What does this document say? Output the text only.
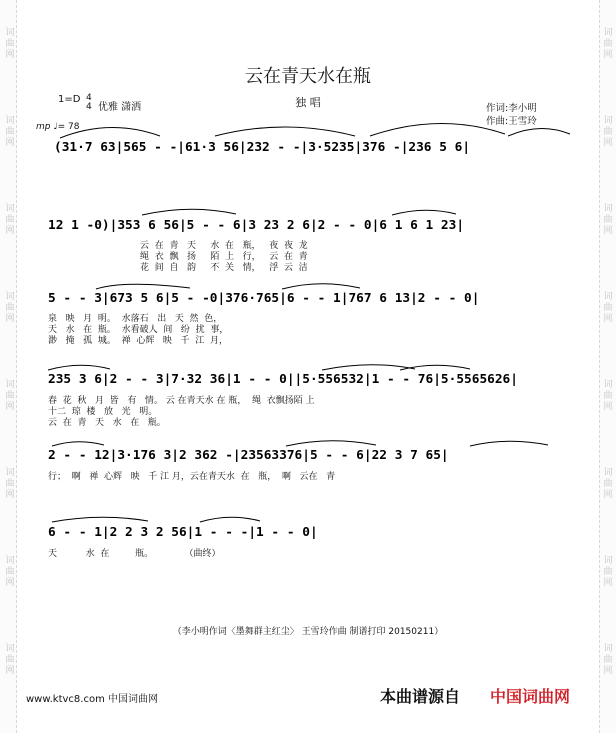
词
曲
网
词
曲
网
词
曲
网
词
曲
网
词
曲
网
词
曲
网
词
曲
网
词
曲
网
词
曲
网
词
曲
网
词
曲
网
词
曲
网
词
曲
网
词
曲
网
词
曲
网
词
曲
网
云在青天水在瓶
独 唱
1=D 4
4 优雅 潇洒
mp ♩= 78
作词:李小明
作曲:王雪玲
(31·7 63|565 - -|61·3 56|232 - -|3·5235|376 -|236 5 6|
12 1 -0)|353 6 56|5 - - 6|3 23 2 6|2 - - 0|6 1 6 1 23|
云  在  青   天     水  在   瓶，   夜  夜  龙
绳  衣  飘   扬     陌  上   行，   云  在  青
花  间  自   韵     不  关   情，   浮  云  洁
5 - - 3|673 5 6|5 - -0|376·765|6 - - 1|767 6 13|2 - - 0|
泉   映   月  明。  水落石   出   天  然  色，
天   水   在  瓶。  水看破人  间   纷  扰  事，
渺   掩   孤  城。  禅  心辉   映   千  江  月，
235 3 6|2 - - 3|7·32 36|1 - - 0||5·556532|1 - - 76|5·5565626|
春  花  秋   月  皆   有   情。 云 在青天水 在 瓶，  绳  衣飘扬陌 上
十二  琼  楼   放   光   明。
云  在  青   天   水   在   瓶。
2 - - 12|3·176 3|2 362 -|23563376|5 - - 6|22 3 7 65|
行；  啊   禅  心辉   映   千 江 月，云在青天水  在   瓶，  啊   云在   青
6 - - 1|2 2 3 2 56|1 - - -|1 - - 0|
天          水  在         瓶。           （曲终）
（李小明作词〈墨舞群主红尘〉 王雪玲作曲 制谱打印 20150211）
www.ktvc8.com 中国词曲网	本曲谱源自 中国词曲网
